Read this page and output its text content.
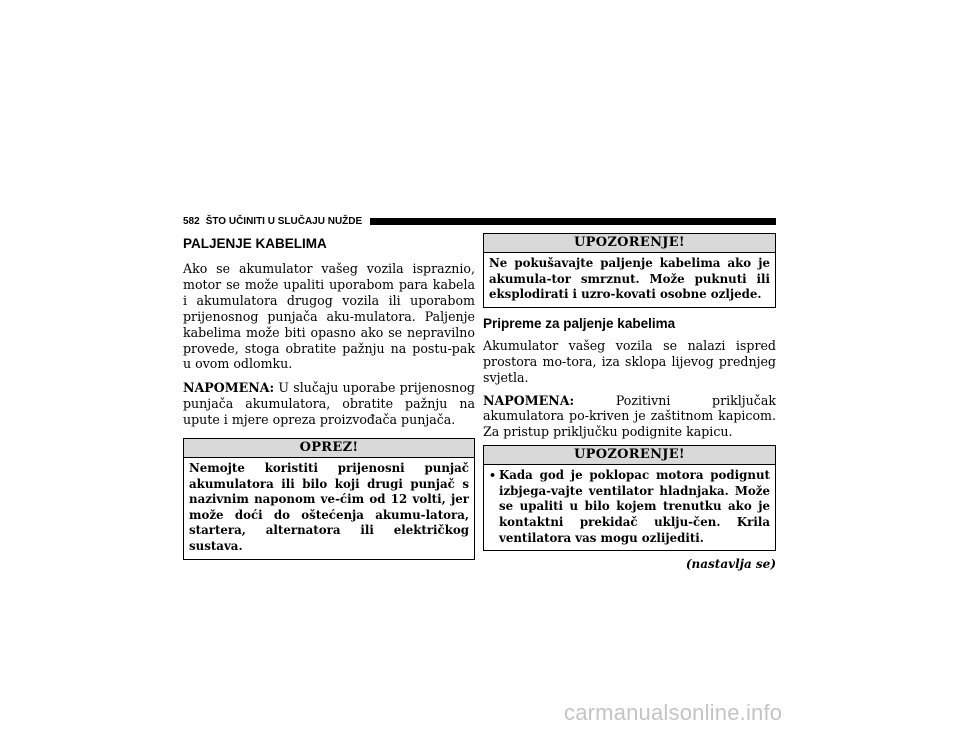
582 ŠTO UČINITI U SLUČAJU NUŽDE
PALJENJE KABELIMA

Ako se akumulator vašeg vozila ispraznio, motor se može upaliti uporabom para kabela i akumulatora drugog vozila ili uporabom prijenosnog punjača aku-mulatora. Paljenje kabelima može biti opasno ako se nepravilno provede, stoga obratite pažnju na postu-pak u ovom odlomku.

NAPOMENA: U slučaju uporabe prijenosnog punjača akumulatora, obratite pažnju na upute i mjere opreza proizvođača punjača.

OPREZ!
Nemojte koristiti prijenosni punjač akumulatora ili bilo koji drugi punjač s nazivnim naponom ve-ćim od 12 volti, jer može doći do oštećenja akumu-latora, startera, alternatora ili električkog sustava.
UPOZORENJE!
Ne pokušavajte paljenje kabelima ako je akumula-tor smrznut. Može puknuti ili eksplodirati i uzro-kovati osobne ozljede.
Pripreme za paljenje kabelima

Akumulator vašeg vozila se nalazi ispred prostora mo-tora, iza sklopa lijevog prednjeg svjetla.

NAPOMENA: Pozitivni priključak akumulatora po-kriven je zaštitnom kapicom. Za pristup priključku podignite kapicu.

UPOZORENJE!
• Kada god je poklopac motora podignut izbjega-vajte ventilator hladnjaka. Može se upaliti u bilo kojem trenutku ako je kontaktni prekidač uklju-čen. Krila ventilatora vas mogu ozlijediti.
(nastavlja se)
carmanualsonline.info
